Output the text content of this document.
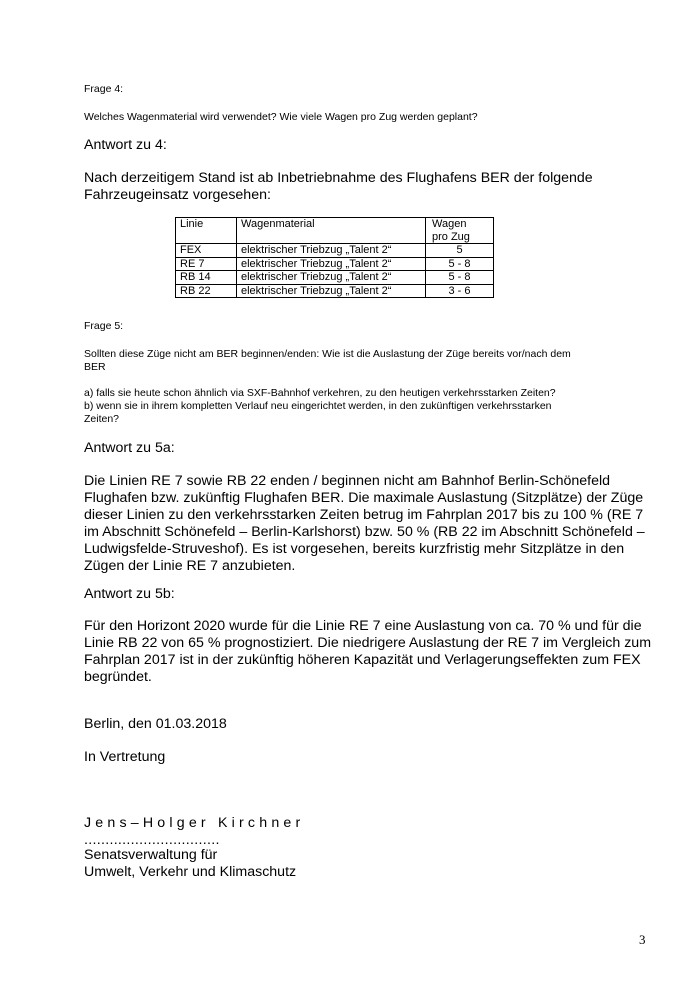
Frage 4:

Welches Wagenmaterial wird verwendet? Wie viele Wagen pro Zug werden geplant?

Antwort zu 4:

Nach derzeitigem Stand ist ab Inbetriebnahme des Flughafens BER der folgende

Fahrzeugeinsatz vorgesehen:

Linie	Wagenmaterial	Wagen
pro Zug

FEX	elektrischer Triebzug „Talent 2“	5
RE 7	elektrischer Triebzug „Talent 2“	5 - 8
RB 14	elektrischer Triebzug „Talent 2“	5 - 8
RB 22	elektrischer Triebzug „Talent 2“	3 - 6

Frage 5:

Sollten diese Züge nicht am BER beginnen/enden: Wie ist die Auslastung der Züge bereits vor/nach dem

BER

a) falls sie heute schon ähnlich via SXF-Bahnhof verkehren, zu den heutigen verkehrsstarken Zeiten?

b) wenn sie in ihrem kompletten Verlauf neu eingerichtet werden, in den zukünftigen verkehrsstarken

Zeiten?

Antwort zu 5a:

Die Linien RE 7 sowie RB 22 enden / beginnen nicht am Bahnhof Berlin-Schönefeld

Flughafen bzw. zukünftig Flughafen BER. Die maximale Auslastung (Sitzplätze) der Züge

dieser Linien zu den verkehrsstarken Zeiten betrug im Fahrplan 2017 bis zu 100 % (RE 7

im Abschnitt Schönefeld – Berlin-Karlshorst) bzw. 50 % (RB 22 im Abschnitt Schönefeld –

Ludwigsfelde-Struveshof). Es ist vorgesehen, bereits kurzfristig mehr Sitzplätze in den

Zügen der Linie RE 7 anzubieten.

Antwort zu 5b:

Für den Horizont 2020 wurde für die Linie RE 7 eine Auslastung von ca. 70 % und für die

Linie RB 22 von 65 % prognostiziert. Die niedrigere Auslastung der RE 7 im Vergleich zum

Fahrplan 2017 ist in der zukünftig höheren Kapazität und Verlagerungseffekten zum FEX

begründet.

Berlin, den 01.03.2018

In Vertretung

Jens–Holger Kirchner

................................

Senatsverwaltung für

Umwelt, Verkehr und Klimaschutz

3
